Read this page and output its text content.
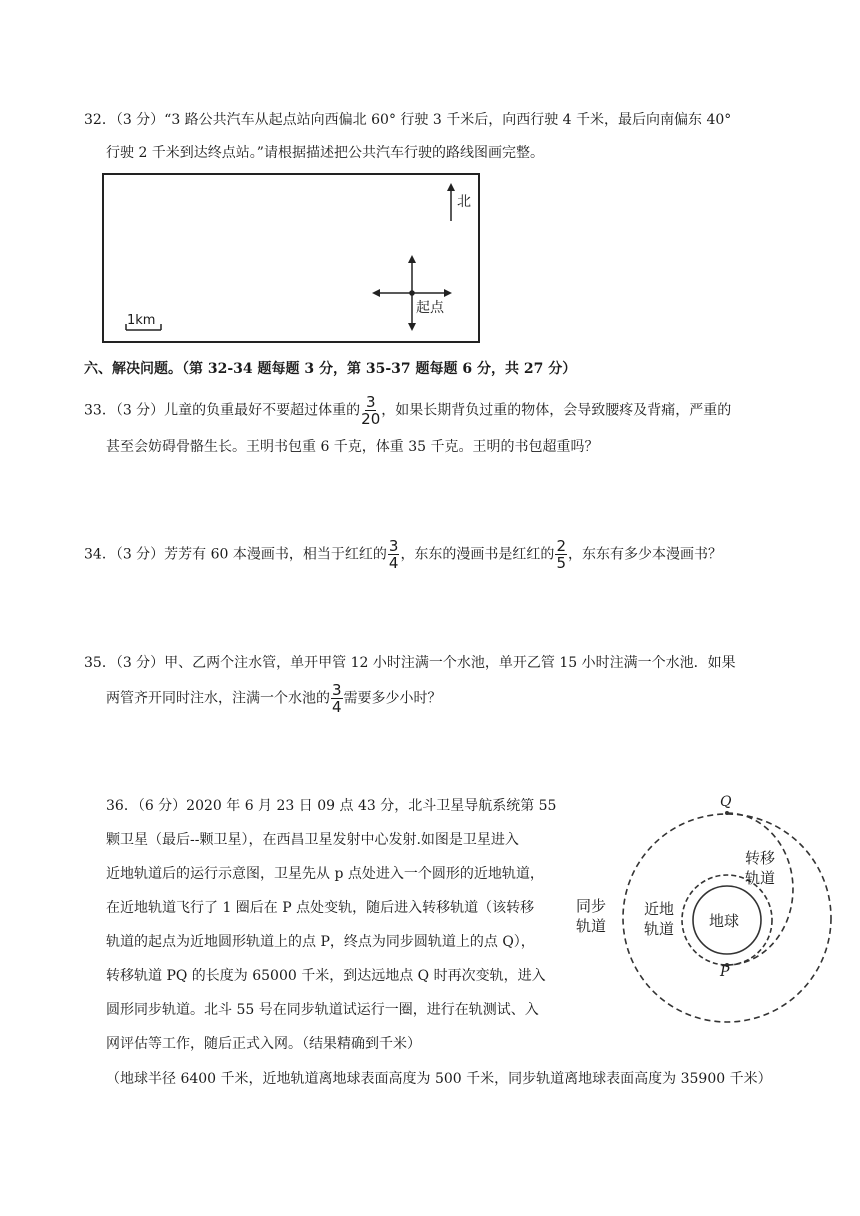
32．（3 分）“3 路公共汽车从起点站向西偏北 60° 行驶 3 千米后，向西行驶 4 千米，最后向南偏东 40°
行驶 2 千米到达终点站。”请根据描述把公共汽车行驶的路线图画完整。
北
起点
1km
六、解决问题。（第 32-34 题每题 3 分，第 35-37 题每题 6 分，共 27 分）
33．（3 分）儿童的负重最好不要超过体重的 $\frac{3}{20}$ ，如果长期背负过重的物体，会导致腰疼及背痛，严重的
甚至会妨碍骨骼生长。王明书包重 6 千克，体重 35 千克。王明的书包超重吗？
34．（3 分）芳芳有 60 本漫画书，相当于红红的 $\frac{3}{4}$ ，东东的漫画书是红红的 $\frac{2}{5}$ ，东东有多少本漫画书？
35．（3 分）甲、乙两个注水管，单开甲管 12 小时注满一个水池，单开乙管 15 小时注满一个水池．如果
两管齐开同时注水，注满一个水池的 $\frac{3}{4}$ 需要多少小时？
36．（6 分）2020 年 6 月 23 日 09 点 43 分，北斗卫星导航系统第 55
颗卫星（最后--颗卫星），在西昌卫星发射中心发射.如图是卫星进入
近地轨道后的运行示意图，卫星先从 p 点处进入一个圆形的近地轨道，
在近地轨道飞行了 1 圈后在 P 点处变轨，随后进入转移轨道（该转移
轨道的起点为近地圆形轨道上的点 P，终点为同步圆轨道上的点 Q），
转移轨道 PQ 的长度为 65000 千米，到达远地点 Q 时再次变轨，进入
圆形同步轨道。北斗 55 号在同步轨道试运行一圈，进行在轨测试、入
网评估等工作，随后正式入网。（结果精确到千米）
（地球半径 6400 千米，近地轨道离地球表面高度为 500 千米，同步轨道离地球表面高度为 35900 千米）
Q
P
地球
转移
轨道
同步
轨道
近地
轨道
